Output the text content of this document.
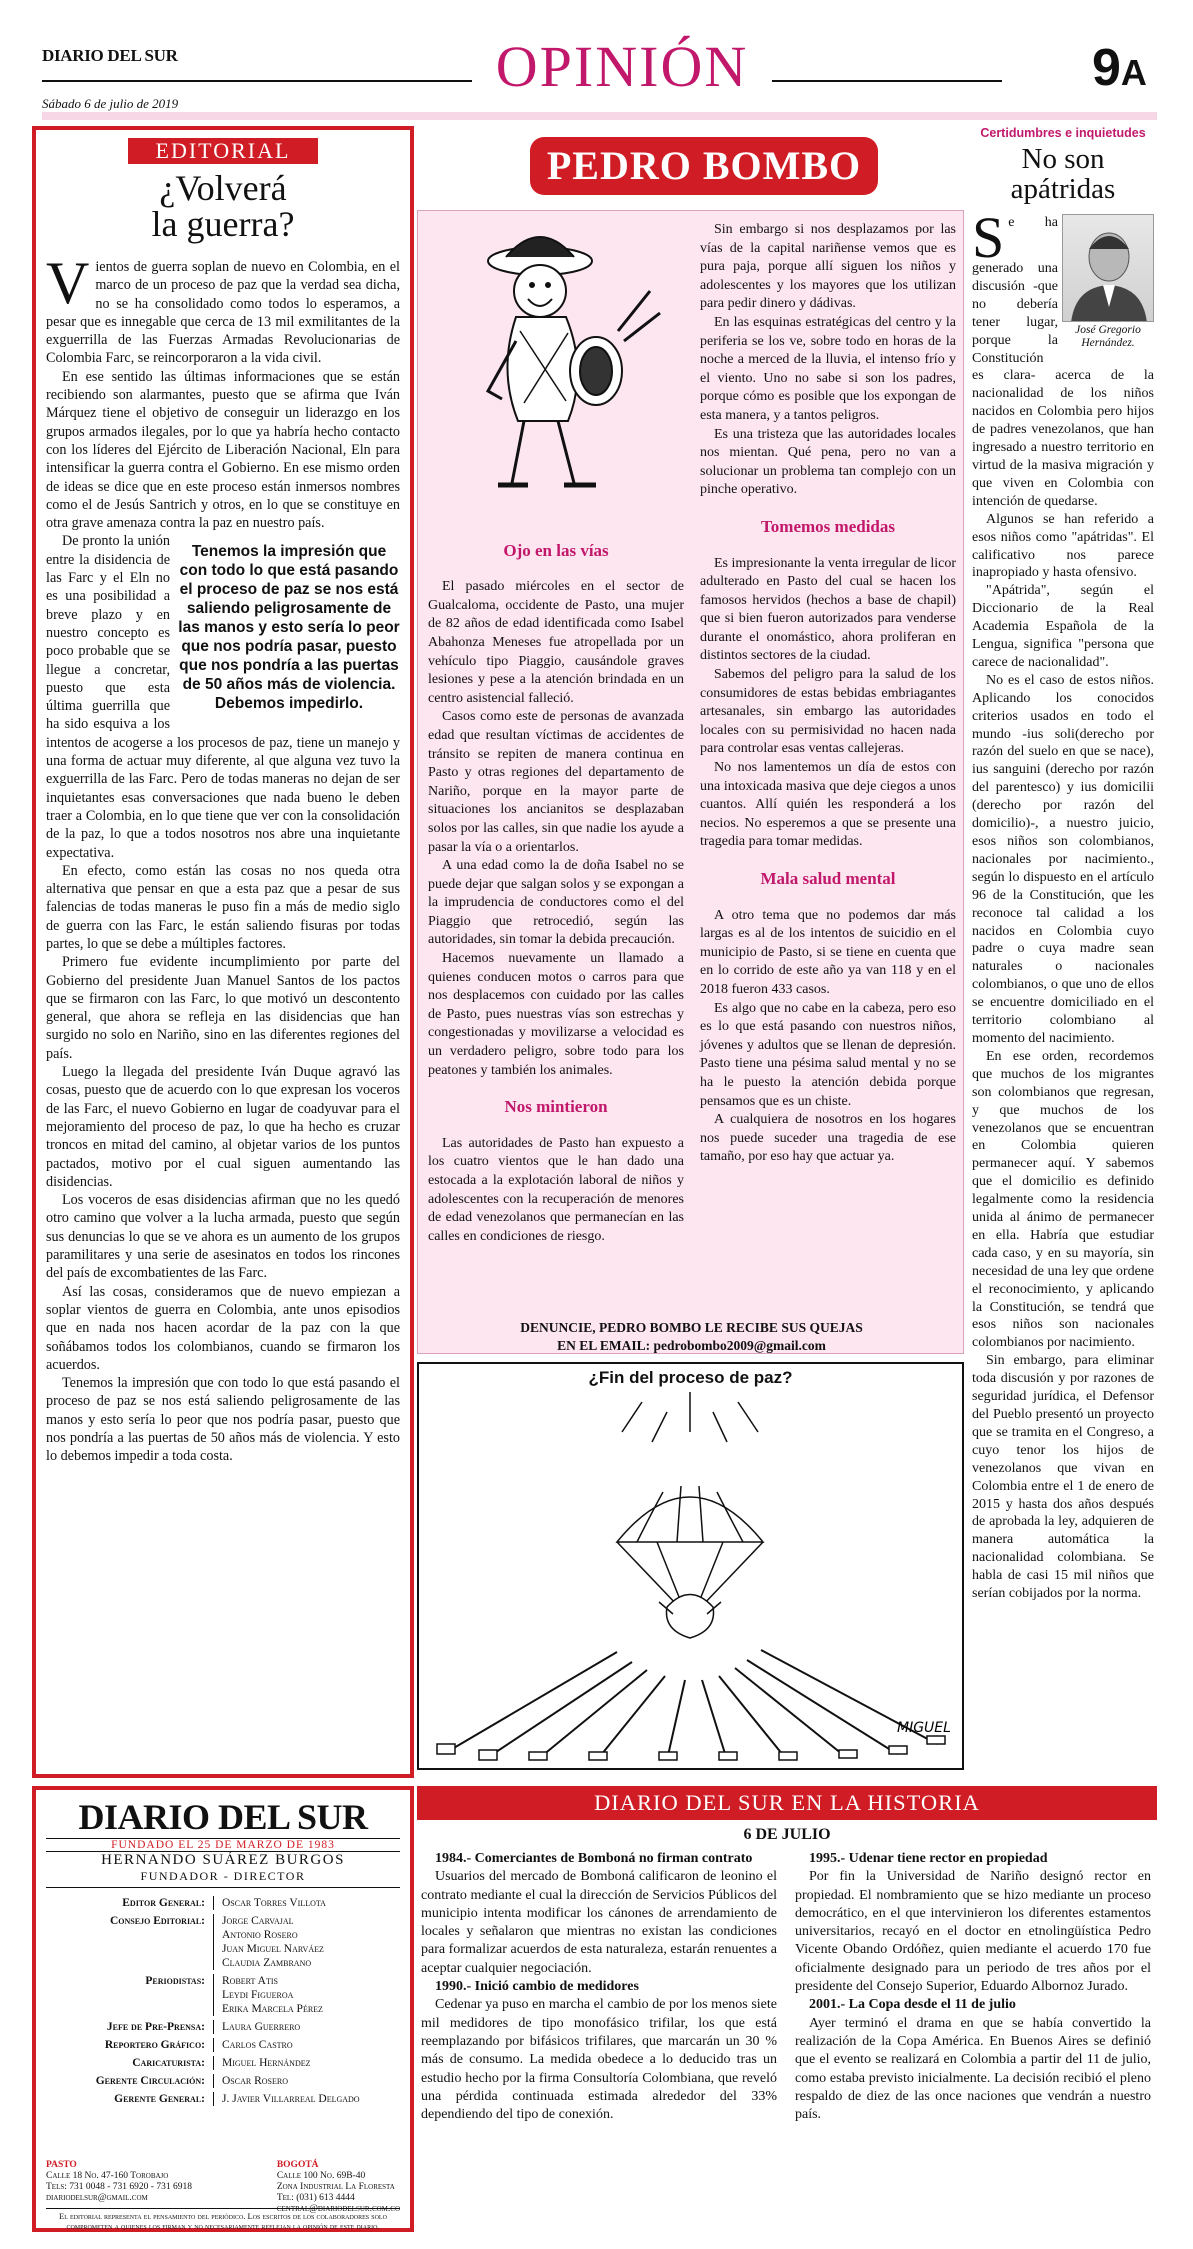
DIARIO DEL SUR
Sábado 6 de julio de 2019
OPINIÓN	9A
EDITORIAL
¿Volverá
la guerra?

Vientos de guerra soplan de nuevo en Colombia, en el marco de un proceso de paz que la verdad sea dicha, no se ha consolidado como todos lo esperamos, a pesar que es innegable que cerca de 13 mil exmilitantes de la exguerrilla de las Fuerzas Armadas Revolucionarias de Colombia Farc, se reincorporaron a la vida civil.

En ese sentido las últimas informaciones que se están recibiendo son alarmantes, puesto que se afirma que Iván Márquez tiene el objetivo de conseguir un liderazgo en los grupos armados ilegales, por lo que ya habría hecho contacto con los líderes del Ejército de Liberación Nacional, Eln para intensificar la guerra contra el Gobierno. En ese mismo orden de ideas se dice que en este proceso están inmersos nombres como el de Jesús Santrich y otros, en lo que se constituye en otra grave amenaza contra la paz en nuestro país.

Tenemos la impresión que con todo lo que está pasando el proceso de paz se nos está saliendo peligrosamente de las manos y esto sería lo peor que nos podría pasar, puesto que nos pondría a las puertas de 50 años más de violencia. Debemos impedirlo.

De pronto la unión entre la disidencia de las Farc y el Eln no es una posibilidad a breve plazo y en nuestro concepto es poco probable que se llegue a concretar, puesto que esta última guerrilla que ha sido esquiva a los intentos de acogerse a los procesos de paz, tiene un manejo y una forma de actuar muy diferente, al que alguna vez tuvo la exguerrilla de las Farc. Pero de todas maneras no dejan de ser inquietantes esas conversaciones que nada bueno le deben traer a Colombia, en lo que tiene que ver con la consolidación de la paz, lo que a todos nosotros nos abre una inquietante expectativa.

En efecto, como están las cosas no nos queda otra alternativa que pensar en que a esta paz que a pesar de sus falencias de todas maneras le puso fin a más de medio siglo de guerra con las Farc, le están saliendo fisuras por todas partes, lo que se debe a múltiples factores.

Primero fue evidente incumplimiento por parte del Gobierno del presidente Juan Manuel Santos de los pactos que se firmaron con las Farc, lo que motivó un descontento general, que ahora se refleja en las disidencias que han surgido no solo en Nariño, sino en las diferentes regiones del país.

Luego la llegada del presidente Iván Duque agravó las cosas, puesto que de acuerdo con lo que expresan los voceros de las Farc, el nuevo Gobierno en lugar de coadyuvar para el mejoramiento del proceso de paz, lo que ha hecho es cruzar troncos en mitad del camino, al objetar varios de los puntos pactados, motivo por el cual siguen aumentando las disidencias.

Los voceros de esas disidencias afirman que no les quedó otro camino que volver a la lucha armada, puesto que según sus denuncias lo que se ve ahora es un aumento de los grupos paramilitares y una serie de asesinatos en todos los rincones del país de excombatientes de las Farc.

Así las cosas, consideramos que de nuevo empiezan a soplar vientos de guerra en Colombia, ante unos episodios que en nada nos hacen acordar de la paz con la que soñábamos todos los colombianos, cuando se firmaron los acuerdos.

Tenemos la impresión que con todo lo que está pasando el proceso de paz se nos está saliendo peligrosamente de las manos y esto sería lo peor que nos podría pasar, puesto que nos pondría a las puertas de 50 años más de violencia. Y esto lo debemos impedir a toda costa.

PEDRO BOMBO
Ojo en las vías

El pasado miércoles en el sector de Gualcaloma, occidente de Pasto, una mujer de 82 años de edad identificada como Isabel Abahonza Meneses fue atropellada por un vehículo tipo Piaggio, causándole graves lesiones y pese a la atención brindada en un centro asistencial falleció.

Casos como este de personas de avanzada edad que resultan víctimas de accidentes de tránsito se repiten de manera continua en Pasto y otras regiones del departamento de Nariño, porque en la mayor parte de situaciones los ancianitos se desplazaban solos por las calles, sin que nadie los ayude a pasar la vía o a orientarlos.

A una edad como la de doña Isabel no se puede dejar que salgan solos y se expongan a la imprudencia de conductores como el del Piaggio que retrocedió, según las autoridades, sin tomar la debida precaución.

Hacemos nuevamente un llamado a quienes conducen motos o carros para que nos desplacemos con cuidado por las calles de Pasto, pues nuestras vías son estrechas y congestionadas y movilizarse a velocidad es un verdadero peligro, sobre todo para los peatones y también los animales.

Nos mintieron

Las autoridades de Pasto han expuesto a los cuatro vientos que le han dado una estocada a la explotación laboral de niños y adolescentes con la recuperación de menores de edad venezolanos que permanecían en las calles en condiciones de riesgo.

Sin embargo si nos desplazamos por las vías de la capital nariñense vemos que es pura paja, porque allí siguen los niños y adolescentes y los mayores que los utilizan para pedir dinero y dádivas.

En las esquinas estratégicas del centro y la periferia se los ve, sobre todo en horas de la noche a merced de la lluvia, el intenso frío y el viento. Uno no sabe si son los padres, porque cómo es posible que los expongan de esta manera, y a tantos peligros.

Es una tristeza que las autoridades locales nos mientan. Qué pena, pero no van a solucionar un problema tan complejo con un pinche operativo.

Tomemos medidas

Es impresionante la venta irregular de licor adulterado en Pasto del cual se hacen los famosos hervidos (hechos a base de chapil) que si bien fueron autorizados para venderse durante el onomástico, ahora proliferan en distintos sectores de la ciudad.

Sabemos del peligro para la salud de los consumidores de estas bebidas embriagantes artesanales, sin embargo las autoridades locales con su permisividad no hacen nada para controlar esas ventas callejeras.

No nos lamentemos un día de estos con una intoxicada masiva que deje ciegos a unos cuantos. Allí quién les responderá a los necios. No esperemos a que se presente una tragedia para tomar medidas.

Mala salud mental

A otro tema que no podemos dar más largas es al de los intentos de suicidio en el municipio de Pasto, si se tiene en cuenta que en lo corrido de este año ya van 118 y en el 2018 fueron 433 casos.

Es algo que no cabe en la cabeza, pero eso es lo que está pasando con nuestros niños, jóvenes y adultos que se llenan de depresión. Pasto tiene una pésima salud mental y no se ha le puesto la atención debida porque pensamos que es un chiste.

A cualquiera de nosotros en los hogares nos puede suceder una tragedia de ese tamaño, por eso hay que actuar ya.

DENUNCIE, PEDRO BOMBO LE RECIBE SUS QUEJAS
EN EL EMAIL: pedrobombo2009@gmail.com
¿Fin del proceso de paz?
MIGUEL
Certidumbres e inquietudes
No son
apátridas
José Gregorio
Hernández.

Se ha generado una discusión -que no debería tener lugar, porque la Constitución es clara- acerca de la nacionalidad de los niños nacidos en Colombia pero hijos de padres venezolanos, que han ingresado a nuestro territorio en virtud de la masiva migración y que viven en Colombia con intención de quedarse.

Algunos se han referido a esos niños como "apátridas". El calificativo nos parece inapropiado y hasta ofensivo.

"Apátrida", según el Diccionario de la Real Academia Española de la Lengua, significa "persona que carece de nacionalidad".

No es el caso de estos niños. Aplicando los conocidos criterios usados en todo el mundo -ius soli(derecho por razón del suelo en que se nace), ius sanguini (derecho por razón del parentesco) y ius domicilii (derecho por razón del domicilio)-, a nuestro juicio, esos niños son colombianos, nacionales por nacimiento., según lo dispuesto en el artículo 96 de la Constitución, que les reconoce tal calidad a los nacidos en Colombia cuyo padre o cuya madre sean naturales o nacionales colombianos, o que uno de ellos se encuentre domiciliado en el territorio colombiano al momento del nacimiento.

En ese orden, recordemos que muchos de los migrantes son colombianos que regresan, y que muchos de los venezolanos que se encuentran en Colombia quieren permanecer aquí. Y sabemos que el domicilio es definido legalmente como la residencia unida al ánimo de permanecer en ella. Habría que estudiar cada caso, y en su mayoría, sin necesidad de una ley que ordene el reconocimiento, y aplicando la Constitución, se tendrá que esos niños son nacionales colombianos por nacimiento.

Sin embargo, para eliminar toda discusión y por razones de seguridad jurídica, el Defensor del Pueblo presentó un proyecto que se tramita en el Congreso, a cuyo tenor los hijos de venezolanos que vivan en Colombia entre el 1 de enero de 2015 y hasta dos años después de aprobada la ley, adquieren de manera automática la nacionalidad colombiana. Se habla de casi 15 mil niños que serían cobijados por la norma.

DIARIO DEL SUR
FUNDADO EL 25 DE MARZO DE 1983
HERNANDO SUÁREZ BURGOS
FUNDADOR - DIRECTOR
Editor General:	Oscar Torres Villota
Consejo Editorial:	Jorge Carvajal
Antonio Rosero
Juan Miguel Narváez
Claudia Zambrano
Periodistas:	Robert Atis
Leydi Figueroa
Erika Marcela Pérez
Jefe de Pre-Prensa:	Laura Guerrero
Reportero Gráfico:	Carlos Castro
Caricaturista:	Miguel Hernández
Gerente Circulación:	Oscar Rosero
Gerente General:	J. Javier Villarreal Delgado
PASTO
Calle 18 No. 47-160 Torobajo
Tels: 731 0048 - 731 6920 - 731 6918
diariodelsur@gmail.com
BOGOTÁ
Calle 100 No. 69B-40
Zona Industrial La Floresta
Tel: (031) 613 4444
central@diariodelsur.com.co
El editorial representa el pensamiento del periódico. Los escritos de los colaboradores solo comprometen a quienes los firman y no necesariamente reflejan la opinión de este diario.
DIARIO DEL SUR EN LA HISTORIA
6 DE JULIO

1984.- Comerciantes de Bomboná no firman contrato

Usuarios del mercado de Bomboná calificaron de leonino el contrato mediante el cual la dirección de Servicios Públicos del municipio intenta modificar los cánones de arrendamiento de locales y señalaron que mientras no existan las condiciones para formalizar acuerdos de esta naturaleza, estarán renuentes a aceptar cualquier negociación.

1990.- Inició cambio de medidores

Cedenar ya puso en marcha el cambio de por los menos siete mil medidores de tipo monofásico trifilar, los que está reemplazando por bifásicos trifilares, que marcarán un 30 % más de consumo. La medida obedece a lo deducido tras un estudio hecho por la firma Consultoría Colombiana, que reveló una pérdida continuada estimada alrededor del 33% dependiendo del tipo de conexión.

1995.- Udenar tiene rector en propiedad

Por fin la Universidad de Nariño designó rector en propiedad. El nombramiento que se hizo mediante un proceso democrático, en el que intervinieron los diferentes estamentos universitarios, recayó en el doctor en etnolingüística Pedro Vicente Obando Ordóñez, quien mediante el acuerdo 170 fue oficialmente designado para un periodo de tres años por el presidente del Consejo Superior, Eduardo Albornoz Jurado.

2001.- La Copa desde el 11 de julio

Ayer terminó el drama en que se había convertido la realización de la Copa América. En Buenos Aires se definió que el evento se realizará en Colombia a partir del 11 de julio, como estaba previsto inicialmente. La decisión recibió el pleno respaldo de diez de las once naciones que vendrán a nuestro país.
